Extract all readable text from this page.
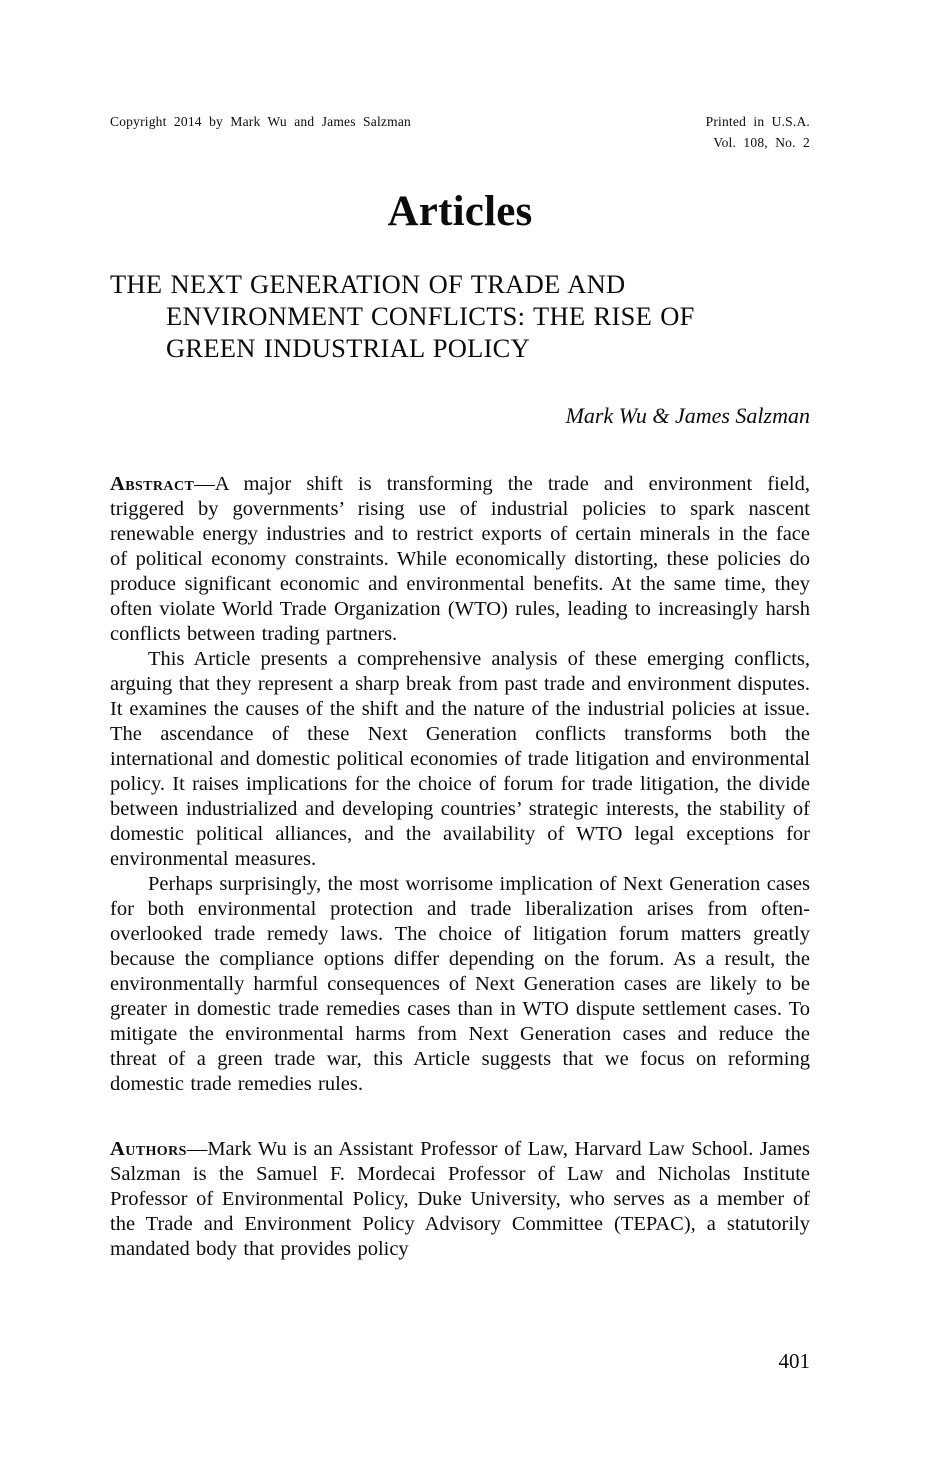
Copyright 2014 by Mark Wu and James Salzman	Printed in U.S.A.
Vol. 108, No. 2
Articles
THE NEXT GENERATION OF TRADE AND
ENVIRONMENT CONFLICTS: THE RISE OF
GREEN INDUSTRIAL POLICY
Mark Wu & James Salzman

Abstract—A major shift is transforming the trade and environment field, triggered by governments’ rising use of industrial policies to spark nascent renewable energy industries and to restrict exports of certain minerals in the face of political economy constraints. While economically distorting, these policies do produce significant economic and environmental benefits. At the same time, they often violate World Trade Organization (WTO) rules, leading to increasingly harsh conflicts between trading partners.

This Article presents a comprehensive analysis of these emerging conflicts, arguing that they represent a sharp break from past trade and environment disputes. It examines the causes of the shift and the nature of the industrial policies at issue. The ascendance of these Next Generation conflicts transforms both the international and domestic political economies of trade litigation and environmental policy. It raises implications for the choice of forum for trade litigation, the divide between industrialized and developing countries’ strategic interests, the stability of domestic political alliances, and the availability of WTO legal exceptions for environmental measures.

Perhaps surprisingly, the most worrisome implication of Next Generation cases for both environmental protection and trade liberalization arises from often-overlooked trade remedy laws. The choice of litigation forum matters greatly because the compliance options differ depending on the forum. As a result, the environmentally harmful consequences of Next Generation cases are likely to be greater in domestic trade remedies cases than in WTO dispute settlement cases. To mitigate the environmental harms from Next Generation cases and reduce the threat of a green trade war, this Article suggests that we focus on reforming domestic trade remedies rules.

Authors—Mark Wu is an Assistant Professor of Law, Harvard Law School. James Salzman is the Samuel F. Mordecai Professor of Law and Nicholas Institute Professor of Environmental Policy, Duke University, who serves as a member of the Trade and Environment Policy Advisory Committee (TEPAC), a statutorily mandated body that provides policy

401
